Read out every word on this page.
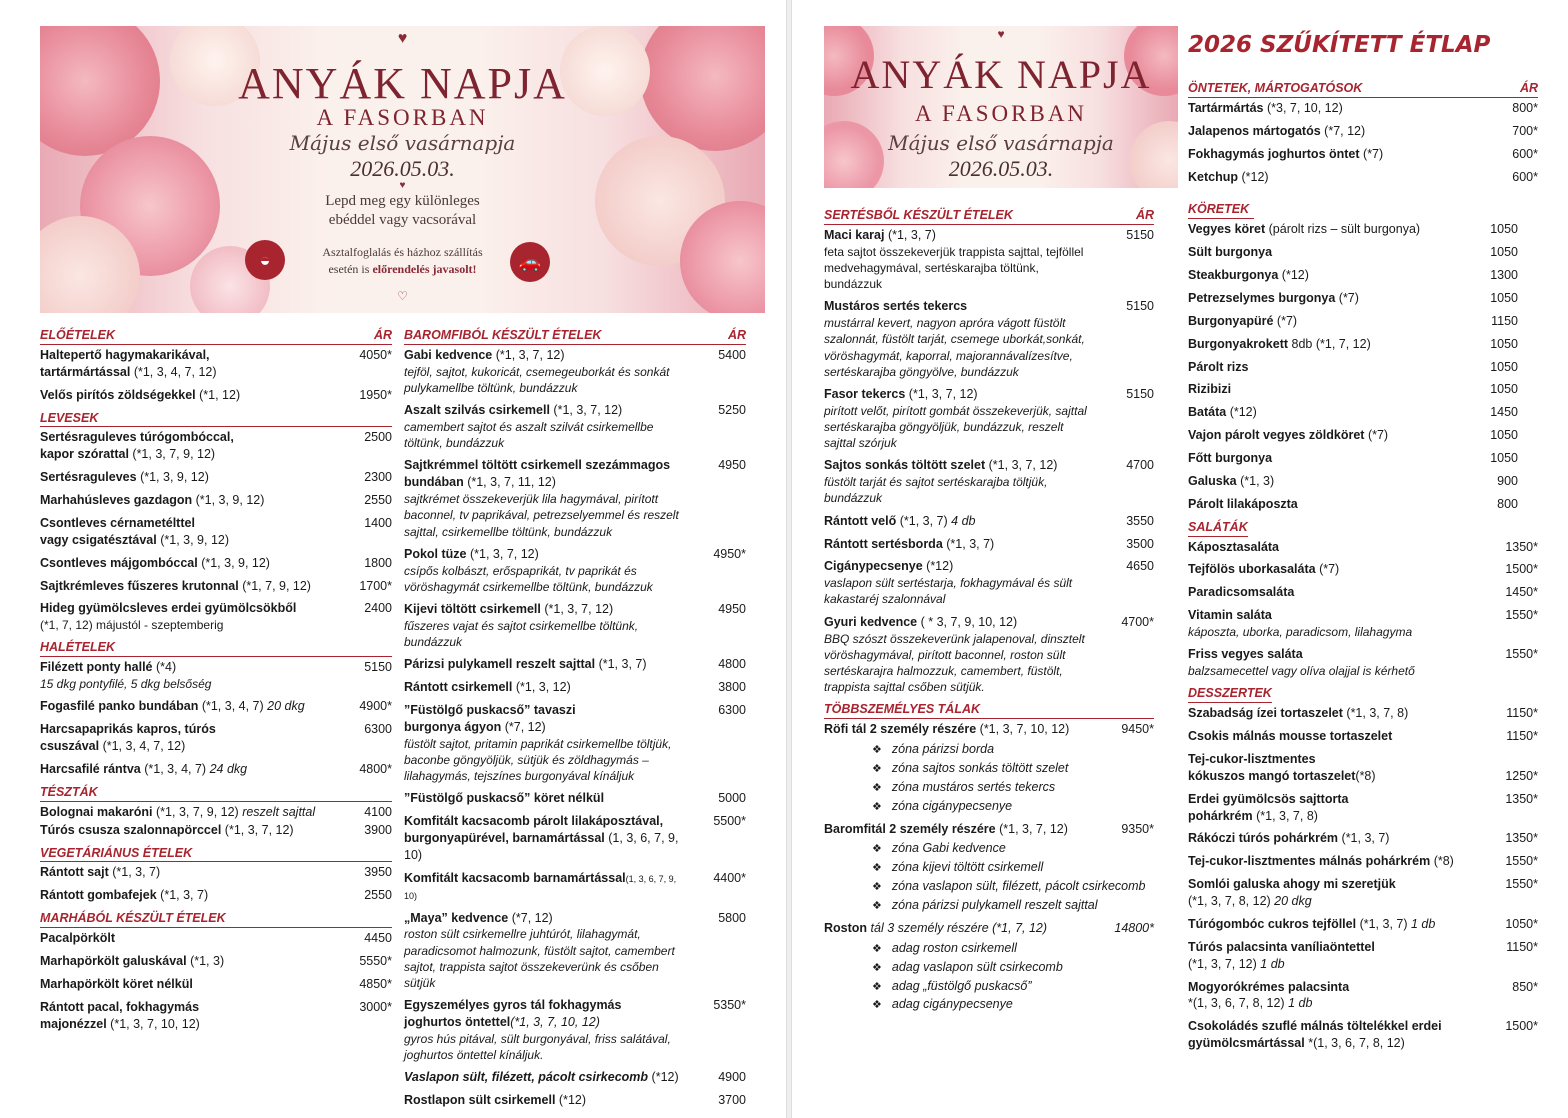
♥
ANYÁK NAPJA
A FASORBAN
Május első vasárnapja
2026.05.03.
♥
Lepd meg egy különleges
ebéddel vagy vacsorával
◒	Asztalfoglalás és házhoz szállítás
esetén is előrendelés javasolt!	🚗
♡
ELŐÉTELEK	ÁR
Haltepertő hagymakarikával,
tartármártással (*1, 3, 4, 7, 12)
4050*
Velős pirítós zöldségekkel (*1, 12)	1950*
LEVESEK
Sertésraguleves túrógombóccal,
kapor szórattal (*1, 3, 7, 9, 12)
2500
Sertésraguleves (*1, 3, 9, 12)	2300
Marhahúsleves gazdagon (*1, 3, 9, 12)	2550
Csontleves cérnametélttel
vagy csigatésztával (*1, 3, 9, 12)
1400
Csontleves májgombóccal (*1, 3, 9, 12)	1800
Sajtkrémleves fűszeres krutonnal (*1, 7, 9, 12)	1700*
Hideg gyümölcsleves erdei gyümölcsökből
(*1, 7, 12) májustól - szeptemberig
2400
HALÉTELEK
Filézett ponty hallé (*4)
15 dkg pontyfilé, 5 dkg belsőség
5150
Fogasfilé panko bundában (*1, 3, 4, 7) 20 dkg	4900*
Harcsapaprikás kapros, túrós
csuszával (*1, 3, 4, 7, 12)
6300
Harcsafilé rántva (*1, 3, 4, 7) 24 dkg	4800*
TÉSZTÁK
Bolognai makaróni (*1, 3, 7, 9, 12) reszelt sajttal	4100
Túrós csusza szalonnapörccel (*1, 3, 7, 12)	3900
VEGETÁRIÁNUS ÉTELEK
Rántott sajt (*1, 3, 7)	3950
Rántott gombafejek (*1, 3, 7)	2550
MARHÁBÓL KÉSZÜLT ÉTELEK
Pacalpörkölt	4450
Marhapörkölt galuskával (*1, 3)	5550*
Marhapörkölt köret nélkül	4850*
Rántott pacal, fokhagymás
majonézzel (*1, 3, 7, 10, 12)
3000*
BAROMFIBÓL KÉSZÜLT ÉTELEK	ÁR
Gabi kedvence (*1, 3, 7, 12)
tejföl, sajtot, kukoricát, csemegeuborkát és sonkát pulykamellbe töltünk, bundázzuk
5400
Aszalt szilvás csirkemell (*1, 3, 7, 12)
camembert sajtot és aszalt szilvát csirkemellbe töltünk, bundázzuk
5250
Sajtkrémmel töltött csirkemell szezámmagos
bundában (*1, 3, 7, 11, 12)
sajtkrémet összekeverjük lila hagymával, pirított baconnel, tv paprikával, petrezselyemmel és reszelt sajttal, csirkemellbe töltünk, bundázzuk
4950
Pokol tüze (*1, 3, 7, 12)
csípős kolbászt, erőspaprikát, tv paprikát és vöröshagymát csirkemellbe töltünk, bundázzuk
4950*
Kijevi töltött csirkemell (*1, 3, 7, 12)
fűszeres vajat és sajtot csirkemellbe töltünk, bundázzuk
4950
Párizsi pulykamell reszelt sajttal (*1, 3, 7)	4800
Rántott csirkemell (*1, 3, 12)	3800
”Füstölgő puskacső” tavaszi
burgonya ágyon (*7, 12)
füstölt sajtot, pritamin paprikát csirkemellbe töltjük, baconbe göngyöljük, sütjük és zöldhagymás – lilahagymás, tejszínes burgonyával kínáljuk
6300
”Füstölgő puskacső” köret nélkül	5000
Komfitált kacsacomb párolt lilakáposztával,
burgonyapürével, barnamártással (1, 3, 6, 7, 9, 10)
5500*
Komfitált kacsacomb barnamártással(1, 3, 6, 7, 9, 10)
4400*
„Maya” kedvence (*7, 12)
roston sült csirkemellre juhtúrót, lilahagymát, paradicsomot halmozunk, füstölt sajtot, camembert sajtot, trappista sajtot összekeverünk és csőben sütjük
5800
Egyszemélyes gyros tál fokhagymás
joghurtos öntettel(*1, 3, 7, 10, 12)
gyros hús pitával, sült burgonyával, friss salátával, joghurtos öntettel kínáljuk.
5350*
Vaslapon sült, filézett, pácolt csirkecomb (*12)	4900
Rostlapon sült csirkemell (*12)	3700
♥
ANYÁK NAPJA
A FASORBAN
Május első vasárnapja
2026.05.03.
2026 SZŰKÍTETT ÉTLAP
SERTÉSBŐL KÉSZÜLT ÉTELEK	ÁR
Maci karaj (*1, 3, 7)
feta sajtot összekeverjük trappista sajttal, tejföllel medvehagymával, sertéskarajba töltünk, bundázzuk
5150
Mustáros sertés tekercs
mustárral kevert, nagyon apróra vágott füstölt szalonnát, füstölt tarját, csemege uborkát,sonkát, vöröshagymát, kaporral, majorannávalízesítve, sertéskarajba göngyölve, bundázzuk
5150
Fasor tekercs (*1, 3, 7, 12)
pirított velőt, pirított gombát összekeverjük, sajttal sertéskarajba göngyöljük, bundázzuk, reszelt sajttal szórjuk
5150
Sajtos sonkás töltött szelet (*1, 3, 7, 12)
füstölt tarját és sajtot sertéskarajba töltjük, bundázzuk
4700
Rántott velő (*1, 3, 7) 4 db	3550
Rántott sertésborda (*1, 3, 7)	3500
Cigánypecsenye (*12)
vaslapon sült sertéstarja, fokhagymával és sült kakastaréj szalonnával
4650
Gyuri kedvence ( * 3, 7, 9, 10, 12)
BBQ szószt összekeverünk jalapenoval, dinsztelt vöröshagymával, pirított baconnel, roston sült sertéskarajra halmozzuk, camembert, füstölt, trappista sajttal csőben sütjük.
4700*
TÖBBSZEMÉLYES TÁLAK
Röfi tál 2 személy részére (*1, 3, 7, 10, 12)	9450*
❖ zóna párizsi borda
❖ zóna sajtos sonkás töltött szelet
❖ zóna mustáros sertés tekercs
❖ zóna cigánypecsenye
Baromfitál 2 személy részére (*1, 3, 7, 12)	9350*
❖ zóna Gabi kedvence
❖ zóna kijevi töltött csirkemell
❖ zóna vaslapon sült, filézett, pácolt csirkecomb
❖ zóna párizsi pulykamell reszelt sajttal
Roston tál 3 személy részére (*1, 7, 12)	14800*
❖ adag roston csirkemell
❖ adag vaslapon sült csirkecomb
❖ adag „füstölgő puskacső”
❖ adag cigánypecsenye
ÖNTETEK, MÁRTOGATÓSOK	ÁR
Tartármártás (*3, 7, 10, 12)	800*
Jalapenos mártogatós (*7, 12)	700*
Fokhagymás joghurtos öntet (*7)	600*
Ketchup (*12)	600*
KÖRETEK
Vegyes köret (párolt rizs – sült burgonya)	1050
Sült burgonya	1050
Steakburgonya (*12)	1300
Petrezselymes burgonya (*7)	1050
Burgonyapüré (*7)	1150
Burgonyakrokett 8db (*1, 7, 12)	1050
Párolt rizs	1050
Rizibizi	1050
Batáta (*12)	1450
Vajon párolt vegyes zöldköret (*7)	1050
Főtt burgonya	1050
Galuska (*1, 3)	900
Párolt lilakáposzta	800
SALÁTÁK
Káposztasaláta	1350*
Tejfölös uborkasaláta (*7)	1500*
Paradicsomsaláta	1450*
Vitamin saláta
káposzta, uborka, paradicsom, lilahagyma
1550*
Friss vegyes saláta
balzsamecettel vagy olíva olajjal is kérhető
1550*
DESSZERTEK
Szabadság ízei tortaszelet (*1, 3, 7, 8)	1150*
Csokis málnás mousse tortaszelet	1150*
Tej-cukor-lisztmentes
kókuszos mangó tortaszelet(*8)	1250*
Erdei gyümölcsös sajttorta
pohárkrém (*1, 3, 7, 8)
1350*
Rákóczi túrós pohárkrém (*1, 3, 7)	1350*
Tej-cukor-lisztmentes málnás pohárkrém (*8)	1550*
Somlói galuska ahogy mi szeretjük
(*1, 3, 7, 8, 12) 20 dkg
1550*
Túrógombóc cukros tejföllel (*1, 3, 7) 1 db	1050*
Túrós palacsinta vaníliaöntettel
(*1, 3, 7, 12) 1 db
1150*
Mogyorókrémes palacsinta
*(1, 3, 6, 7, 8, 12) 1 db
850*
Csokoládés szuflé málnás töltelékkel erdei
gyümölcsmártással *(1, 3, 6, 7, 8, 12)
1500*
